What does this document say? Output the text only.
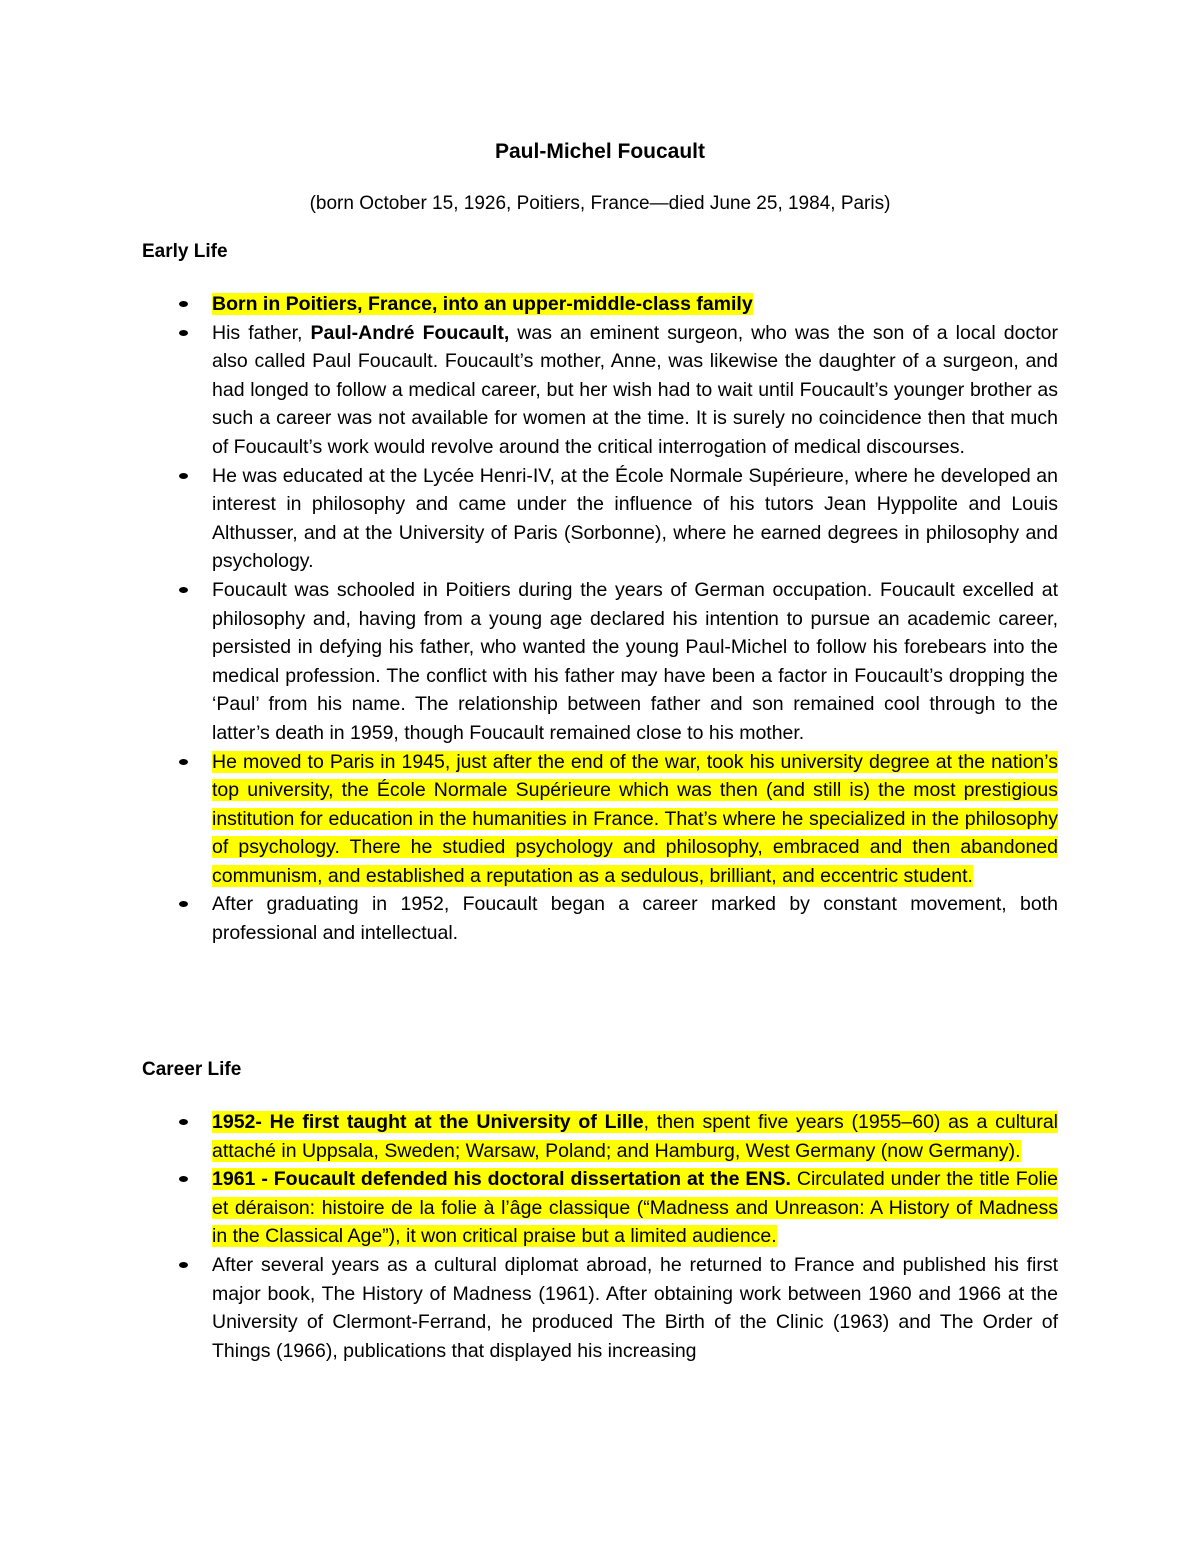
Paul-Michel Foucault

(born October 15, 1926, Poitiers, France—died June 25, 1984, Paris)

Early Life
Born in Poitiers, France, into an upper-middle-class family
His father, Paul-André Foucault, was an eminent surgeon, who was the son of a local doctor also called Paul Foucault. Foucault’s mother, Anne, was likewise the daughter of a surgeon, and had longed to follow a medical career, but her wish had to wait until Foucault’s younger brother as such a career was not available for women at the time. It is surely no coincidence then that much of Foucault’s work would revolve around the critical interrogation of medical discourses.
He was educated at the Lycée Henri-IV, at the École Normale Supérieure, where he developed an interest in philosophy and came under the influence of his tutors Jean Hyppolite and Louis Althusser, and at the University of Paris (Sorbonne), where he earned degrees in philosophy and psychology.
Foucault was schooled in Poitiers during the years of German occupation. Foucault excelled at philosophy and, having from a young age declared his intention to pursue an academic career, persisted in defying his father, who wanted the young Paul-Michel to follow his forebears into the medical profession. The conflict with his father may have been a factor in Foucault’s dropping the ‘Paul’ from his name. The relationship between father and son remained cool through to the latter’s death in 1959, though Foucault remained close to his mother.
He moved to Paris in 1945, just after the end of the war, took his university degree at the nation’s top university, the École Normale Supérieure which was then (and still is) the most prestigious institution for education in the humanities in France. That’s where he specialized in the philosophy of psychology. There he studied psychology and philosophy, embraced and then abandoned communism, and established a reputation as a sedulous, brilliant, and eccentric student.
After graduating in 1952, Foucault began a career marked by constant movement, both professional and intellectual.
Career Life
1952- He first taught at the University of Lille, then spent five years (1955–60) as a cultural attaché in Uppsala, Sweden; Warsaw, Poland; and Hamburg, West Germany (now Germany).
1961 - Foucault defended his doctoral dissertation at the ENS. Circulated under the title Folie et déraison: histoire de la folie à l’âge classique (“Madness and Unreason: A History of Madness in the Classical Age”), it won critical praise but a limited audience.
After several years as a cultural diplomat abroad, he returned to France and published his first major book, The History of Madness (1961). After obtaining work between 1960 and 1966 at the University of Clermont-Ferrand, he produced The Birth of the Clinic (1963) and The Order of Things (1966), publications that displayed his increasing
